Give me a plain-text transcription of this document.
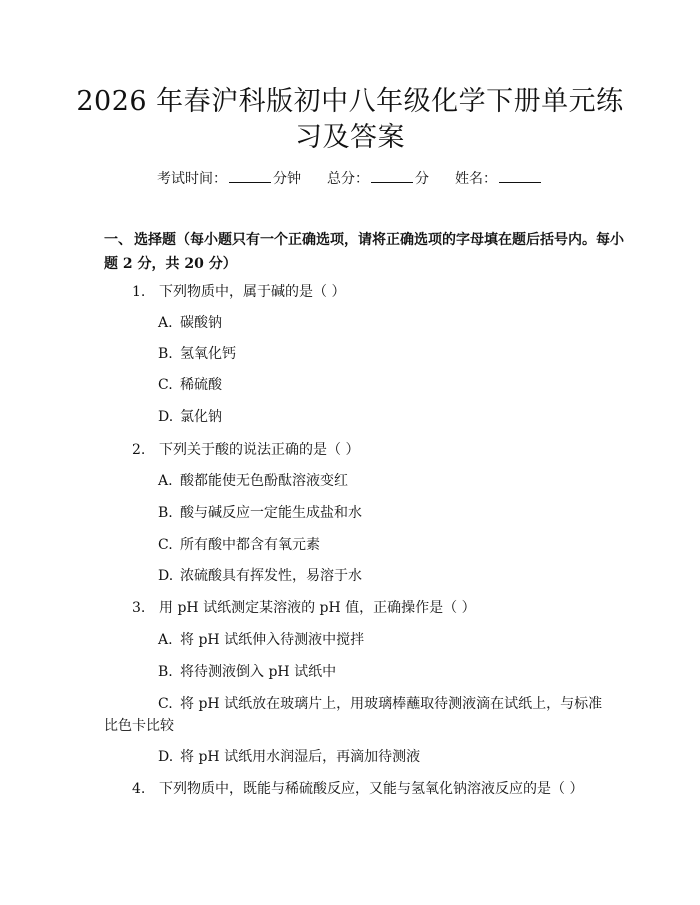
2026 年春沪科版初中八年级化学下册单元练
习及答案
考试时间：	分钟 总分：	分 姓名：
一、 选择题（每小题只有一个正确选项，请将正确选项的字母填在题后括号内。每小题 2 分，共 20 分）
1. 下列物质中，属于碱的是（ ）
A. 碳酸钠
B. 氢氧化钙
C. 稀硫酸
D. 氯化钠
2. 下列关于酸的说法正确的是（ ）
A. 酸都能使无色酚酞溶液变红
B. 酸与碱反应一定能生成盐和水
C. 所有酸中都含有氧元素
D. 浓硫酸具有挥发性，易溶于水
3. 用 pH 试纸测定某溶液的 pH 值，正确操作是（ ）
A. 将 pH 试纸伸入待测液中搅拌
B. 将待测液倒入 pH 试纸中
C. 将 pH 试纸放在玻璃片上，用玻璃棒蘸取待测液滴在试纸上，与标准比色卡比较
D. 将 pH 试纸用水润湿后，再滴加待测液
4. 下列物质中，既能与稀硫酸反应，又能与氢氧化钠溶液反应的是（ ）
